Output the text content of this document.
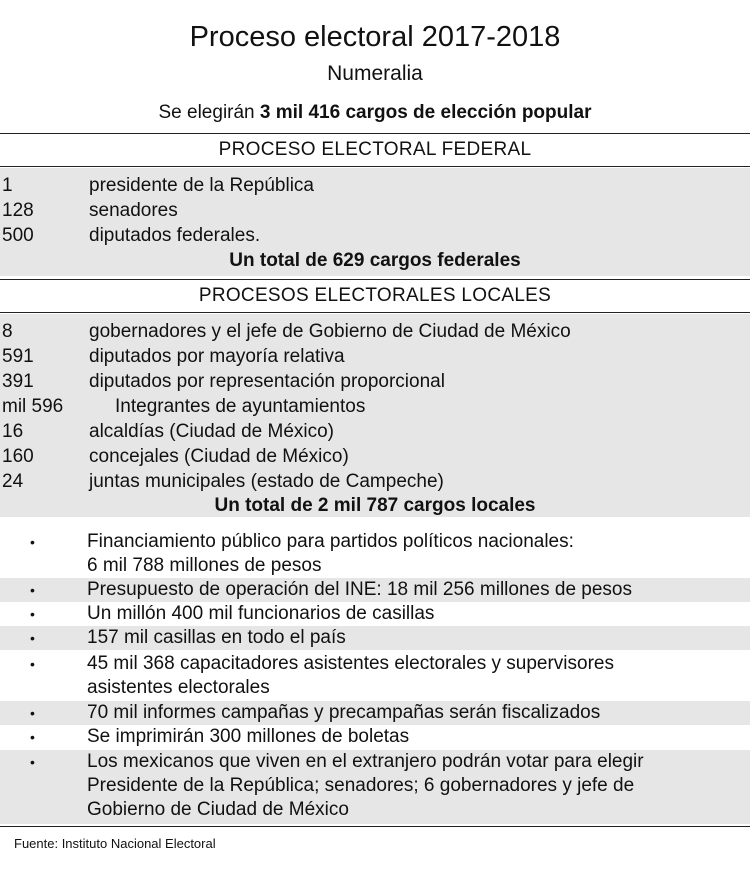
Proceso electoral 2017-2018
Numeralia
Se elegirán 3 mil 416 cargos de elección popular
PROCESO ELECTORAL FEDERAL
1	presidente de la República
128	senadores
500	diputados federales.
Un total de 629 cargos federales
PROCESOS ELECTORALES LOCALES
8	gobernadores y el jefe de Gobierno de Ciudad de México
591	diputados por mayoría relativa
391	diputados por representación proporcional
mil 596	Integrantes de ayuntamientos
16	alcaldías (Ciudad de México)
160	concejales (Ciudad de México)
24	juntas municipales (estado de Campeche)
Un total de 2 mil 787 cargos locales
•	Financiamiento público para partidos políticos nacionales:
6 mil 788 millones de pesos
•	Presupuesto de operación del INE: 18 mil 256 millones de pesos
•	Un millón 400 mil funcionarios de casillas
•	157 mil casillas en todo el país
•	45 mil 368 capacitadores asistentes electorales y supervisores
asistentes electorales
•	70 mil informes campañas y precampañas serán fiscalizados
•	Se imprimirán 300 millones de boletas
•	Los mexicanos que viven en el extranjero podrán votar para elegir
Presidente de la República; senadores; 6 gobernadores y jefe de
Gobierno de Ciudad de México
Fuente: Instituto Nacional Electoral
